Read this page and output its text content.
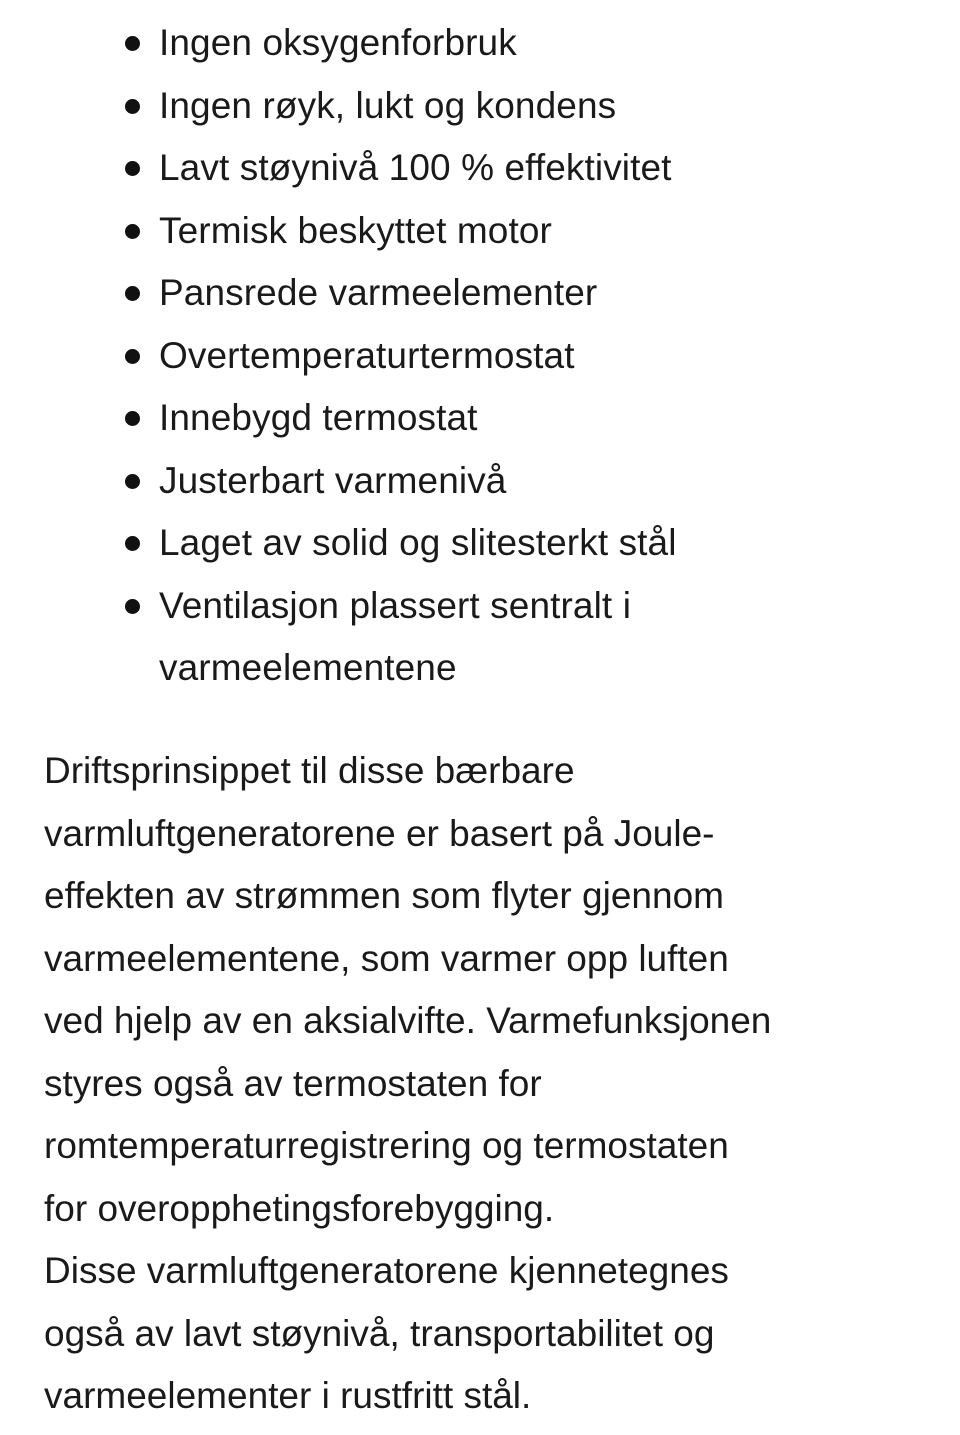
Ingen oksygenforbruk
Ingen røyk, lukt og kondens
Lavt støynivå 100 % effektivitet
Termisk beskyttet motor
Pansrede varmeelementer
Overtemperaturtermostat
Innebygd termostat
Justerbart varmenivå
Laget av solid og slitesterkt stål
Ventilasjon plassert sentralt i
varmeelementene

Driftsprinsippet til disse bærbare
varmluftgeneratorene er basert på Joule-
effekten av strømmen som flyter gjennom
varmeelementene, som varmer opp luften
ved hjelp av en aksialvifte. Varmefunksjonen
styres også av termostaten for
romtemperaturregistrering og termostaten
for overopphetingsforebygging.

Disse varmluftgeneratorene kjennetegnes
også av lavt støynivå, transportabilitet og
varmeelementer i rustfritt stål.
